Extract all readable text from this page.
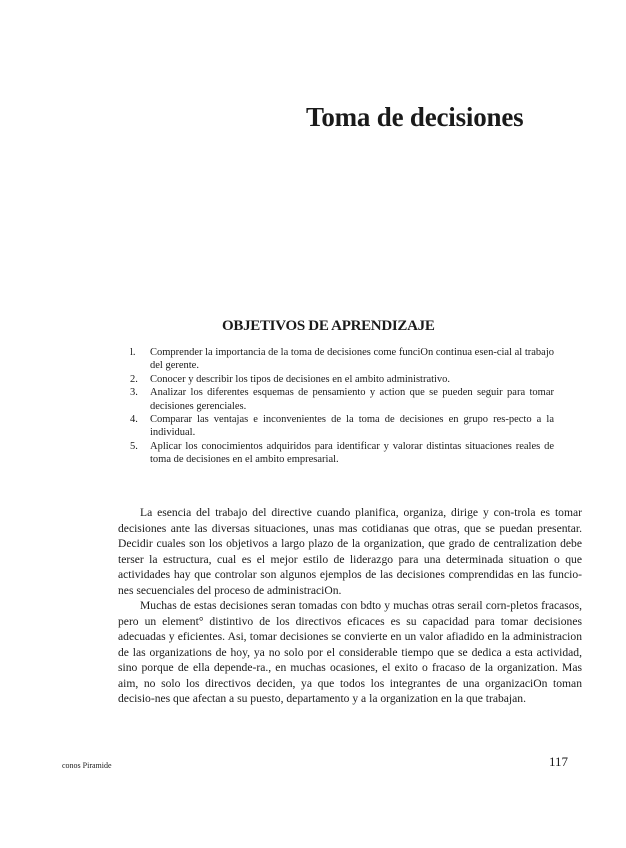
Toma de decisiones
OBJETIVOS DE APRENDIZAJE
l. Comprender la importancia de la toma de decisiones come funciOn continua esen-cial al trabajo del gerente.
2. Conocer y describir los tipos de decisiones en el ambito administrativo.
3. Analizar los diferentes esquemas de pensamiento y action que se pueden seguir para tomar decisiones gerenciales.
4. Comparar las ventajas e inconvenientes de la toma de decisiones en grupo res-pecto a la individual.
5. Aplicar los conocimientos adquiridos para identificar y valorar distintas situaciones reales de toma de decisiones en el ambito empresarial.

La esencia del trabajo del directive cuando planifica, organiza, dirige y con-trola es tomar decisiones ante las diversas situaciones, unas mas cotidianas que otras, que se puedan presentar. Decidir cuales son los objetivos a largo plazo de la organization, que grado de centralization debe terser la estructura, cual es el mejor estilo de liderazgo para una determinada situation o que actividades hay que controlar son algunos ejemplos de las decisiones comprendidas en las funcio-nes secuenciales del proceso de administraciOn.

Muchas de estas decisiones seran tomadas con bdto y muchas otras serail corn-pletos fracasos, pero un element° distintivo de los directivos eficaces es su capacidad para tomar decisiones adecuadas y eficientes. Asi, tomar decisiones se convierte en un valor afiadido en la administracion de las organizations de hoy, ya no solo por el considerable tiempo que se dedica a esta actividad, sino porque de ella depende-ra., en muchas ocasiones, el exito o fracaso de la organization. Mas aim, no solo los directivos deciden, ya que todos los integrantes de una organizaciOn toman decisio-nes que afectan a su puesto, departamento y a la organization en la que trabajan.

conos Piramide	117
